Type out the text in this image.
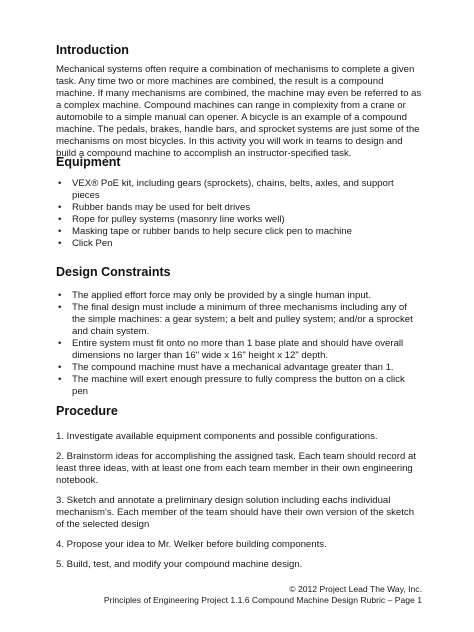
Introduction

Mechanical systems often require a combination of mechanisms to complete a given task. Any time two or more machines are combined, the result is a compound machine. If many mechanisms are combined, the machine may even be referred to as a complex machine. Compound machines can range in complexity from a crane or automobile to a simple manual can opener. A bicycle is an example of a compound machine. The pedals, brakes, handle bars, and sprocket systems are just some of the mechanisms on most bicycles. In this activity you will work in teams to design and build a compound machine to accomplish an instructor-specified task.

Equipment
• VEX® PoE kit, including gears (sprockets), chains, belts, axles, and support pieces
• Rubber bands may be used for belt drives
• Rope for pulley systems (masonry line works well)
• Masking tape or rubber bands to help secure click pen to machine
• Click Pen
Design Constraints
• The applied effort force may only be provided by a single human input.
• The final design must include a minimum of three mechanisms including any of the simple machines: a gear system; a belt and pulley system; and/or a sprocket and chain system.
• Entire system must fit onto no more than 1 base plate and should have overall dimensions no larger than 16" wide x 16" height x 12" depth.
• The compound machine must have a mechanical advantage greater than 1.
• The machine will exert enough pressure to fully compress the button on a click pen
Procedure

1. Investigate available equipment components and possible configurations.

2. Brainstorm ideas for accomplishing the assigned task. Each team should record at least three ideas, with at least one from each team member in their own engineering notebook.

3. Sketch and annotate a preliminary design solution including eachs individual mechanism's. Each member of the team should have their own version of the sketch of the selected design

4. Propose your idea to Mr. Welker before building components.

5. Build, test, and modify your compound machine design.

© 2012 Project Lead The Way, Inc.
Principles of Engineering Project 1.1.6 Compound Machine Design Rubric – Page 1
